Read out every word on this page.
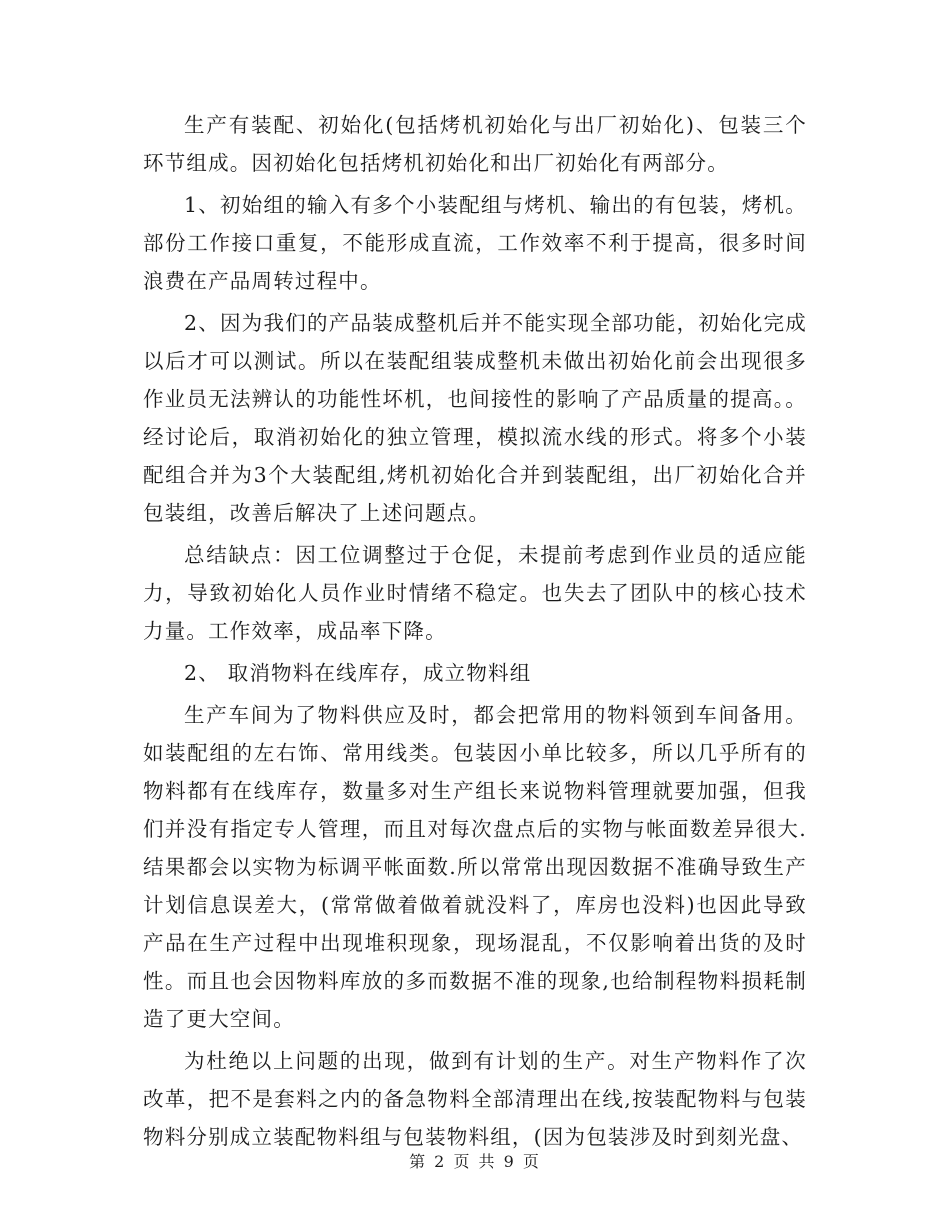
生产有装配、初始化(包括烤机初始化与出厂初始化)、包装三个环节组成。因初始化包括烤机初始化和出厂初始化有两部分。

1、初始组的输入有多个小装配组与烤机、输出的有包装，烤机。部份工作接口重复，不能形成直流，工作效率不利于提高，很多时间浪费在产品周转过程中。

2、因为我们的产品装成整机后并不能实现全部功能，初始化完成以后才可以测试。所以在装配组装成整机未做出初始化前会出现很多作业员无法辨认的功能性坏机，也间接性的影响了产品质量的提高。。经讨论后，取消初始化的独立管理，模拟流水线的形式。将多个小装配组合并为3个大装配组,烤机初始化合并到装配组，出厂初始化合并包装组，改善后解决了上述问题点。

总结缺点：因工位调整过于仓促，未提前考虑到作业员的适应能力，导致初始化人员作业时情绪不稳定。也失去了团队中的核心技术力量。工作效率，成品率下降。

2、 取消物料在线库存，成立物料组

生产车间为了物料供应及时，都会把常用的物料领到车间备用。如装配组的左右饰、常用线类。包装因小单比较多，所以几乎所有的物料都有在线库存，数量多对生产组长来说物料管理就要加强，但我们并没有指定专人管理，而且对每次盘点后的实物与帐面数差异很大.结果都会以实物为标调平帐面数.所以常常出现因数据不准确导致生产计划信息误差大，(常常做着做着就没料了，库房也没料)也因此导致产品在生产过程中出现堆积现象，现场混乱，不仅影响着出货的及时性。而且也会因物料库放的多而数据不准的现象,也给制程物料损耗制造了更大空间。

为杜绝以上问题的出现，做到有计划的生产。对生产物料作了次改革，把不是套料之内的备急物料全部清理出在线,按装配物料与包装物料分别成立装配物料组与包装物料组，(因为包装涉及时到刻光盘、

第 2 页 共 9 页
